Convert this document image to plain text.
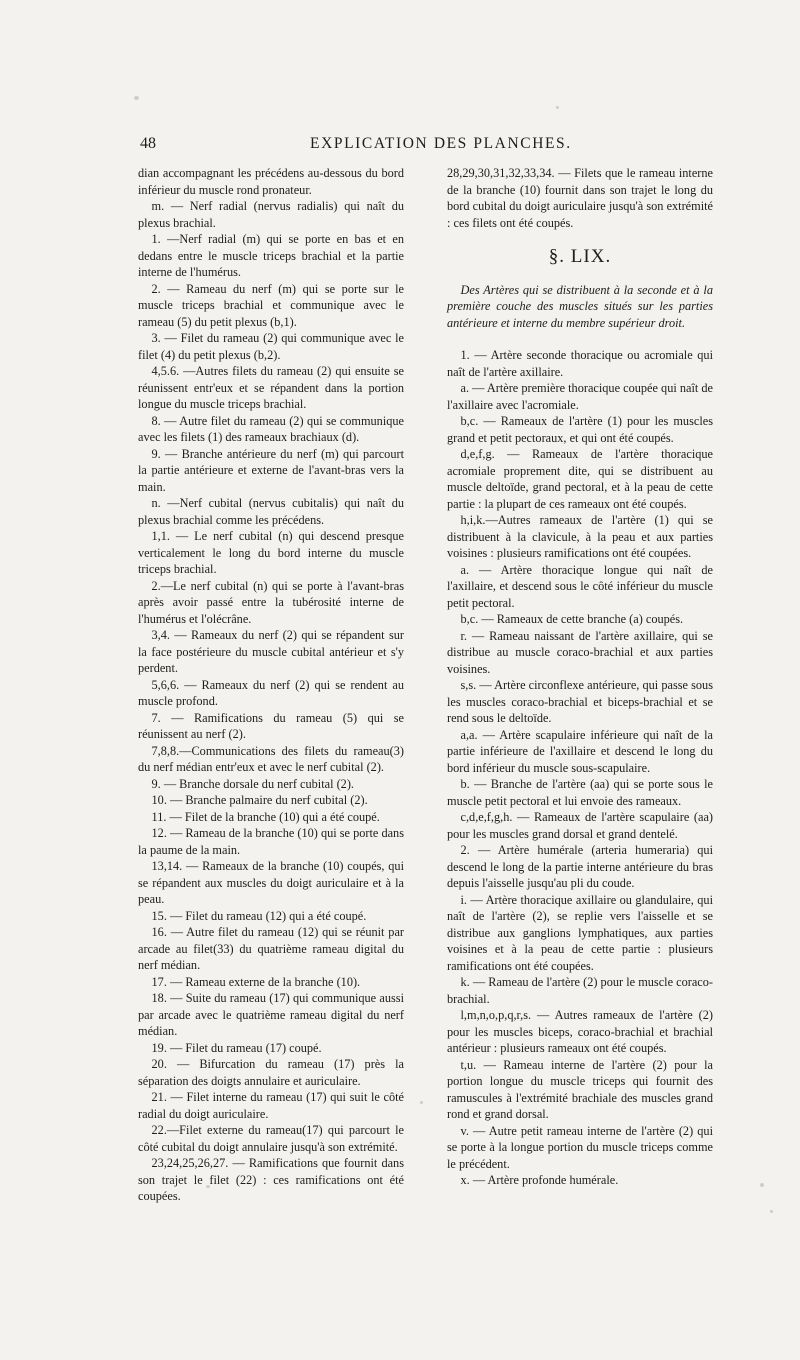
48	EXPLICATION DES PLANCHES.

dian accompagnant les précédens au-dessous du bord inférieur du muscle rond pronateur.

m. — Nerf radial (nervus radialis) qui naît du plexus brachial.

1. —Nerf radial (m) qui se porte en bas et en dedans entre le muscle triceps brachial et la partie interne de l'humérus.

2. — Rameau du nerf (m) qui se porte sur le muscle triceps brachial et communique avec le rameau (5) du petit plexus (b,1).

3. — Filet du rameau (2) qui communique avec le filet (4) du petit plexus (b,2).

4,5.6. —Autres filets du rameau (2) qui ensuite se réunissent entr'eux et se répandent dans la portion longue du muscle triceps brachial.

8. — Autre filet du rameau (2) qui se communique avec les filets (1) des rameaux brachiaux (d).

9. — Branche antérieure du nerf (m) qui parcourt la partie antérieure et externe de l'avant-bras vers la main.

n. —Nerf cubital (nervus cubitalis) qui naît du plexus brachial comme les précédens.

1,1. — Le nerf cubital (n) qui descend presque verticalement le long du bord interne du muscle triceps brachial.

2.—Le nerf cubital (n) qui se porte à l'avant-bras après avoir passé entre la tubérosité interne de l'humérus et l'olécrâne.

3,4. — Rameaux du nerf (2) qui se répandent sur la face postérieure du muscle cubital antérieur et s'y perdent.

5,6,6. — Rameaux du nerf (2) qui se rendent au muscle profond.

7. — Ramifications du rameau (5) qui se réunissent au nerf (2).

7,8,8.—Communications des filets du rameau(3) du nerf médian entr'eux et avec le nerf cubital (2).

9. — Branche dorsale du nerf cubital (2).

10. — Branche palmaire du nerf cubital (2).

11. — Filet de la branche (10) qui a été coupé.

12. — Rameau de la branche (10) qui se porte dans la paume de la main.

13,14. — Rameaux de la branche (10) coupés, qui se répandent aux muscles du doigt auriculaire et à la peau.

15. — Filet du rameau (12) qui a été coupé.

16. — Autre filet du rameau (12) qui se réunit par arcade au filet(33) du quatrième rameau digital du nerf médian.

17. — Rameau externe de la branche (10).

18. — Suite du rameau (17) qui communique aussi par arcade avec le quatrième rameau digital du nerf médian.

19. — Filet du rameau (17) coupé.

20. — Bifurcation du rameau (17) près la séparation des doigts annulaire et auriculaire.

21. — Filet interne du rameau (17) qui suit le côté radial du doigt auriculaire.

22.—Filet externe du rameau(17) qui parcourt le côté cubital du doigt annulaire jusqu'à son extrémité.

23,24,25,26,27. — Ramifications que fournit dans son trajet le filet (22) : ces ramifications ont été coupées.

28,29,30,31,32,33,34. — Filets que le rameau interne de la branche (10) fournit dans son trajet le long du bord cubital du doigt auriculaire jusqu'à son extrémité : ces filets ont été coupés.

§. LIX.

Des Artères qui se distribuent à la seconde et à la première couche des muscles situés sur les parties antérieure et interne du membre supérieur droit.

1. — Artère seconde thoracique ou acromiale qui naît de l'artère axillaire.

a. — Artère première thoracique coupée qui naît de l'axillaire avec l'acromiale.

b,c. — Rameaux de l'artère (1) pour les muscles grand et petit pectoraux, et qui ont été coupés.

d,e,f,g. — Rameaux de l'artère thoracique acromiale proprement dite, qui se distribuent au muscle deltoïde, grand pectoral, et à la peau de cette partie : la plupart de ces rameaux ont été coupés.

h,i,k.—Autres rameaux de l'artère (1) qui se distribuent à la clavicule, à la peau et aux parties voisines : plusieurs ramifications ont été coupées.

a. — Artère thoracique longue qui naît de l'axillaire, et descend sous le côté inférieur du muscle petit pectoral.

b,c. — Rameaux de cette branche (a) coupés.

r. — Rameau naissant de l'artère axillaire, qui se distribue au muscle coraco-brachial et aux parties voisines.

s,s. — Artère circonflexe antérieure, qui passe sous les muscles coraco-brachial et biceps-brachial et se rend sous le deltoïde.

a,a. — Artère scapulaire inférieure qui naît de la partie inférieure de l'axillaire et descend le long du bord inférieur du muscle sous-scapulaire.

b. — Branche de l'artère (aa) qui se porte sous le muscle petit pectoral et lui envoie des rameaux.

c,d,e,f,g,h. — Rameaux de l'artère scapulaire (aa) pour les muscles grand dorsal et grand dentelé.

2. — Artère humérale (arteria humeraria) qui descend le long de la partie interne antérieure du bras depuis l'aisselle jusqu'au pli du coude.

i. — Artère thoracique axillaire ou glandulaire, qui naît de l'artère (2), se replie vers l'aisselle et se distribue aux ganglions lymphatiques, aux parties voisines et à la peau de cette partie : plusieurs ramifications ont été coupées.

k. — Rameau de l'artère (2) pour le muscle coraco-brachial.

l,m,n,o,p,q,r,s. — Autres rameaux de l'artère (2) pour les muscles biceps, coraco-brachial et brachial antérieur : plusieurs rameaux ont été coupés.

t,u. — Rameau interne de l'artère (2) pour la portion longue du muscle triceps qui fournit des ramuscules à l'extrémité brachiale des muscles grand rond et grand dorsal.

v. — Autre petit rameau interne de l'artère (2) qui se porte à la longue portion du muscle triceps comme le précédent.

x. — Artère profonde humérale.
